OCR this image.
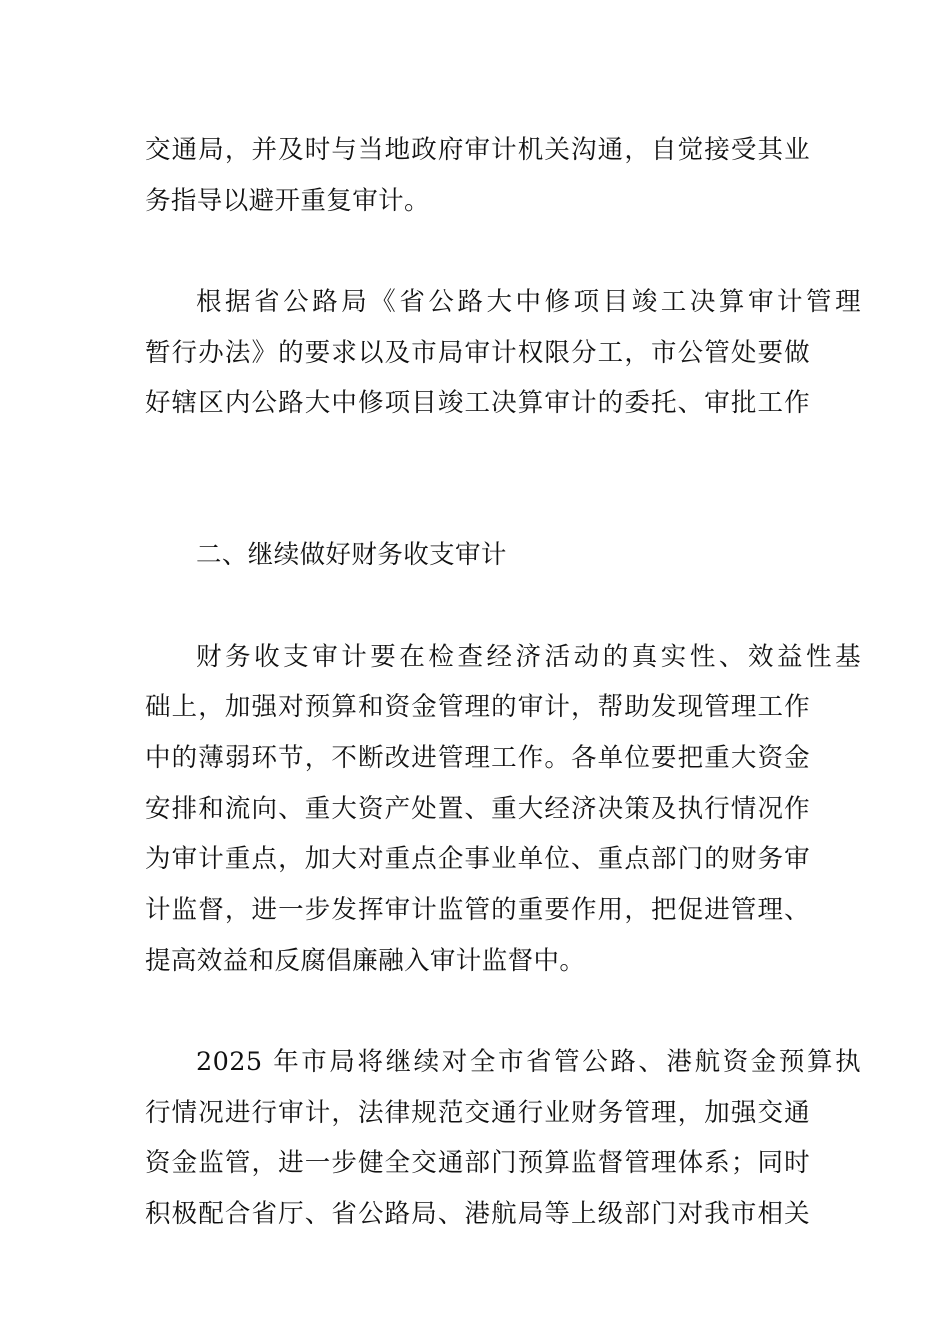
交通局，并及时与当地政府审计机关沟通，自觉接受其业
务指导以避开重复审计。
根据省公路局《省公路大中修项目竣工决算审计管理
暂行办法》的要求以及市局审计权限分工，市公管处要做
好辖区内公路大中修项目竣工决算审计的委托、审批工作
二、继续做好财务收支审计
财务收支审计要在检查经济活动的真实性、效益性基
础上，加强对预算和资金管理的审计，帮助发现管理工作
中的薄弱环节，不断改进管理工作。各单位要把重大资金
安排和流向、重大资产处置、重大经济决策及执行情况作
为审计重点，加大对重点企事业单位、重点部门的财务审
计监督，进一步发挥审计监管的重要作用，把促进管理、
提高效益和反腐倡廉融入审计监督中。
2025 年市局将继续对全市省管公路、港航资金预算执
行情况进行审计，法律规范交通行业财务管理，加强交通
资金监管，进一步健全交通部门预算监督管理体系；同时
积极配合省厅、省公路局、港航局等上级部门对我市相关
